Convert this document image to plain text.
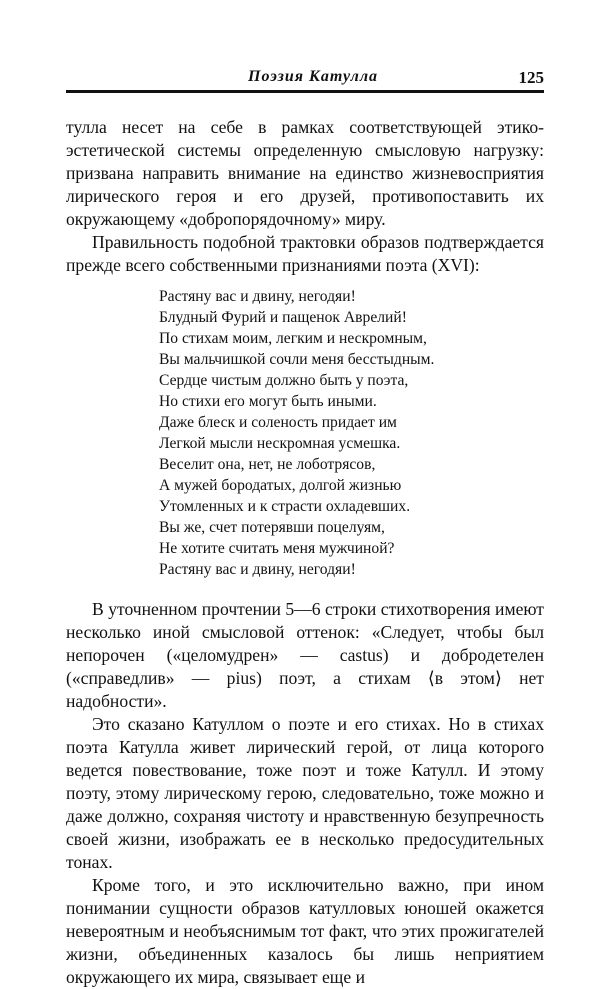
Поэзия Катулла	125

тулла несет на себе в рамках соответствующей этико-эстетической системы определенную смысловую нагрузку: призвана направить внимание на единство жизневосприятия лирического героя и его друзей, противопоставить их окружающему «добропорядочному» миру.

Правильность подобной трактовки образов подтверждается прежде всего собственными признаниями поэта (XVI):

Растяну вас и двину, негодяи!
Блудный Фурий и пащенок Аврелий!
По стихам моим, легким и нескромным,
Вы мальчишкой сочли меня бесстыдным.
Сердце чистым должно быть у поэта,
Но стихи его могут быть иными.
Даже блеск и соленость придает им
Легкой мысли нескромная усмешка.
Веселит она, нет, не лоботрясов,
А мужей бородатых, долгой жизнью
Утомленных и к страсти охладевших.
Вы же, счет потерявши поцелуям,
Не хотите считать меня мужчиной?
Растяну вас и двину, негодяи!

В уточненном прочтении 5—6 строки стихотворения имеют несколько иной смысловой оттенок: «Следует, чтобы был непорочен («целомудрен» — castus) и добродетелен («справедлив» — pius) поэт, а стихам ⟨в этом⟩ нет надобности».

Это сказано Катуллом о поэте и его стихах. Но в стихах поэта Катулла живет лирический герой, от лица которого ведется повествование, тоже поэт и тоже Катулл. И этому поэту, этому лирическому герою, следовательно, тоже можно и даже должно, сохраняя чистоту и нравственную безупречность своей жизни, изображать ее в несколько предосудительных тонах.

Кроме того, и это исключительно важно, при ином понимании сущности образов катулловых юношей окажется невероятным и необъяснимым тот факт, что этих прожигателей жизни, объединенных казалось бы лишь неприятием окружающего их мира, связывает еще и
